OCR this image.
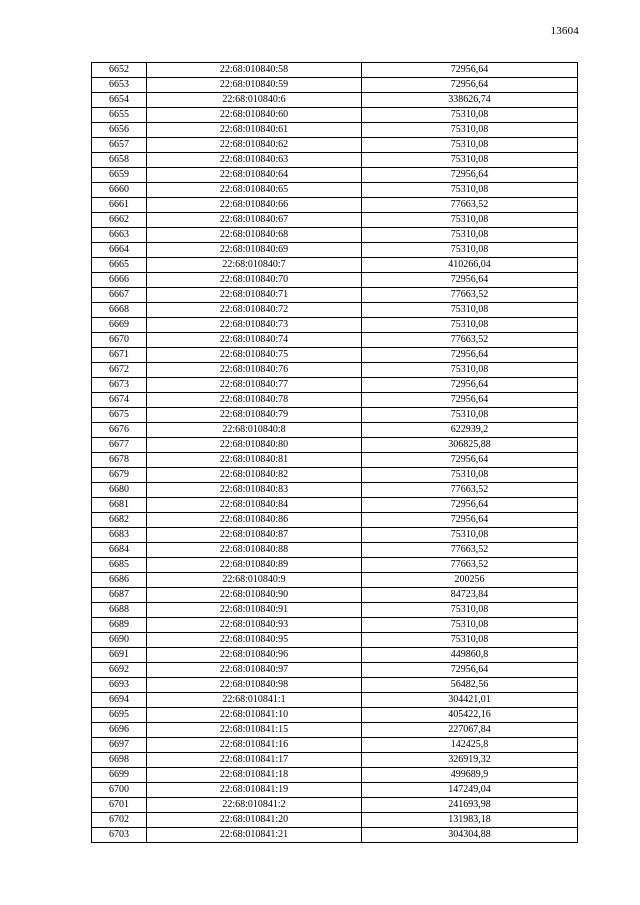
13604
6652	22:68:010840:58	72956,64
6653	22:68:010840:59	72956,64
6654	22:68:010840:6	338626,74
6655	22:68:010840:60	75310,08
6656	22:68:010840:61	75310,08
6657	22:68:010840:62	75310,08
6658	22:68:010840:63	75310,08
6659	22:68:010840:64	72956,64
6660	22:68:010840:65	75310,08
6661	22:68:010840:66	77663,52
6662	22:68:010840:67	75310,08
6663	22:68:010840:68	75310,08
6664	22:68:010840:69	75310,08
6665	22:68:010840:7	410266,04
6666	22:68:010840:70	72956,64
6667	22:68:010840:71	77663,52
6668	22:68:010840:72	75310,08
6669	22:68:010840:73	75310,08
6670	22:68:010840:74	77663,52
6671	22:68:010840:75	72956,64
6672	22:68:010840:76	75310,08
6673	22:68:010840:77	72956,64
6674	22:68:010840:78	72956,64
6675	22:68:010840:79	75310,08
6676	22:68:010840:8	622939,2
6677	22:68:010840:80	306825,88
6678	22:68:010840:81	72956,64
6679	22:68:010840:82	75310,08
6680	22:68:010840:83	77663,52
6681	22:68:010840:84	72956,64
6682	22:68:010840:86	72956,64
6683	22:68:010840:87	75310,08
6684	22:68:010840:88	77663,52
6685	22:68:010840:89	77663,52
6686	22:68:010840:9	200256
6687	22:68:010840:90	84723,84
6688	22:68:010840:91	75310,08
6689	22:68:010840:93	75310,08
6690	22:68:010840:95	75310,08
6691	22:68:010840:96	449860,8
6692	22:68:010840:97	72956,64
6693	22:68:010840:98	56482,56
6694	22:68:010841:1	304421,01
6695	22:68:010841:10	405422,16
6696	22:68:010841:15	227067,84
6697	22:68:010841:16	142425,8
6698	22:68:010841:17	326919,32
6699	22:68:010841:18	499689,9
6700	22:68:010841:19	147249,04
6701	22:68:010841:2	241693,98
6702	22:68:010841:20	131983,18
6703	22:68:010841:21	304304,88
